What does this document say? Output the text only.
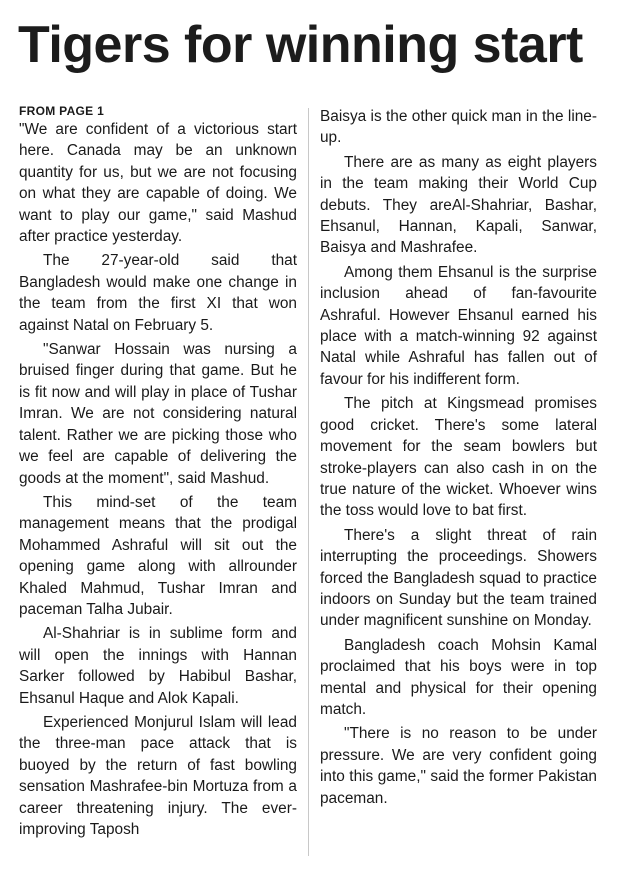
Tigers for winning start
FROM PAGE 1

"We are confident of a victorious start here. Canada may be an unknown quantity for us, but we are not focusing on what they are capable of doing. We want to play our game," said Mashud after practice yesterday.

The 27-year-old said that Bangladesh would make one change in the team from the first XI that won against Natal on February 5.

"Sanwar Hossain was nursing a bruised finger during that game. But he is fit now and will play in place of Tushar Imran. We are not considering natural talent. Rather we are picking those who we feel are capable of delivering the goods at the moment", said Mashud.

This mind-set of the team management means that the prodigal Mohammed Ashraful will sit out the opening game along with allrounder Khaled Mahmud, Tushar Imran and paceman Talha Jubair.

Al-Shahriar is in sublime form and will open the innings with Hannan Sarker followed by Habibul Bashar, Ehsanul Haque and Alok Kapali.

Experienced Monjurul Islam will lead the three-man pace attack that is buoyed by the return of fast bowling sensation Mashrafee-bin Mortuza from a career threatening injury. The ever-improving Taposh

Baisya is the other quick man in the line-up.

There are as many as eight players in the team making their World Cup debuts. They areAl-Shahriar, Bashar, Ehsanul, Hannan, Kapali, Sanwar, Baisya and Mashrafee.

Among them Ehsanul is the surprise inclusion ahead of fan-favourite Ashraful. However Ehsanul earned his place with a match-winning 92 against Natal while Ashraful has fallen out of favour for his indifferent form.

The pitch at Kingsmead promises good cricket. There's some lateral movement for the seam bowlers but stroke-players can also cash in on the true nature of the wicket. Whoever wins the toss would love to bat first.

There's a slight threat of rain interrupting the proceedings. Showers forced the Bangladesh squad to practice indoors on Sunday but the team trained under magnificent sunshine on Monday.

Bangladesh coach Mohsin Kamal proclaimed that his boys were in top mental and physical for their opening match.

"There is no reason to be under pressure. We are very confident going into this game," said the former Pakistan paceman.
